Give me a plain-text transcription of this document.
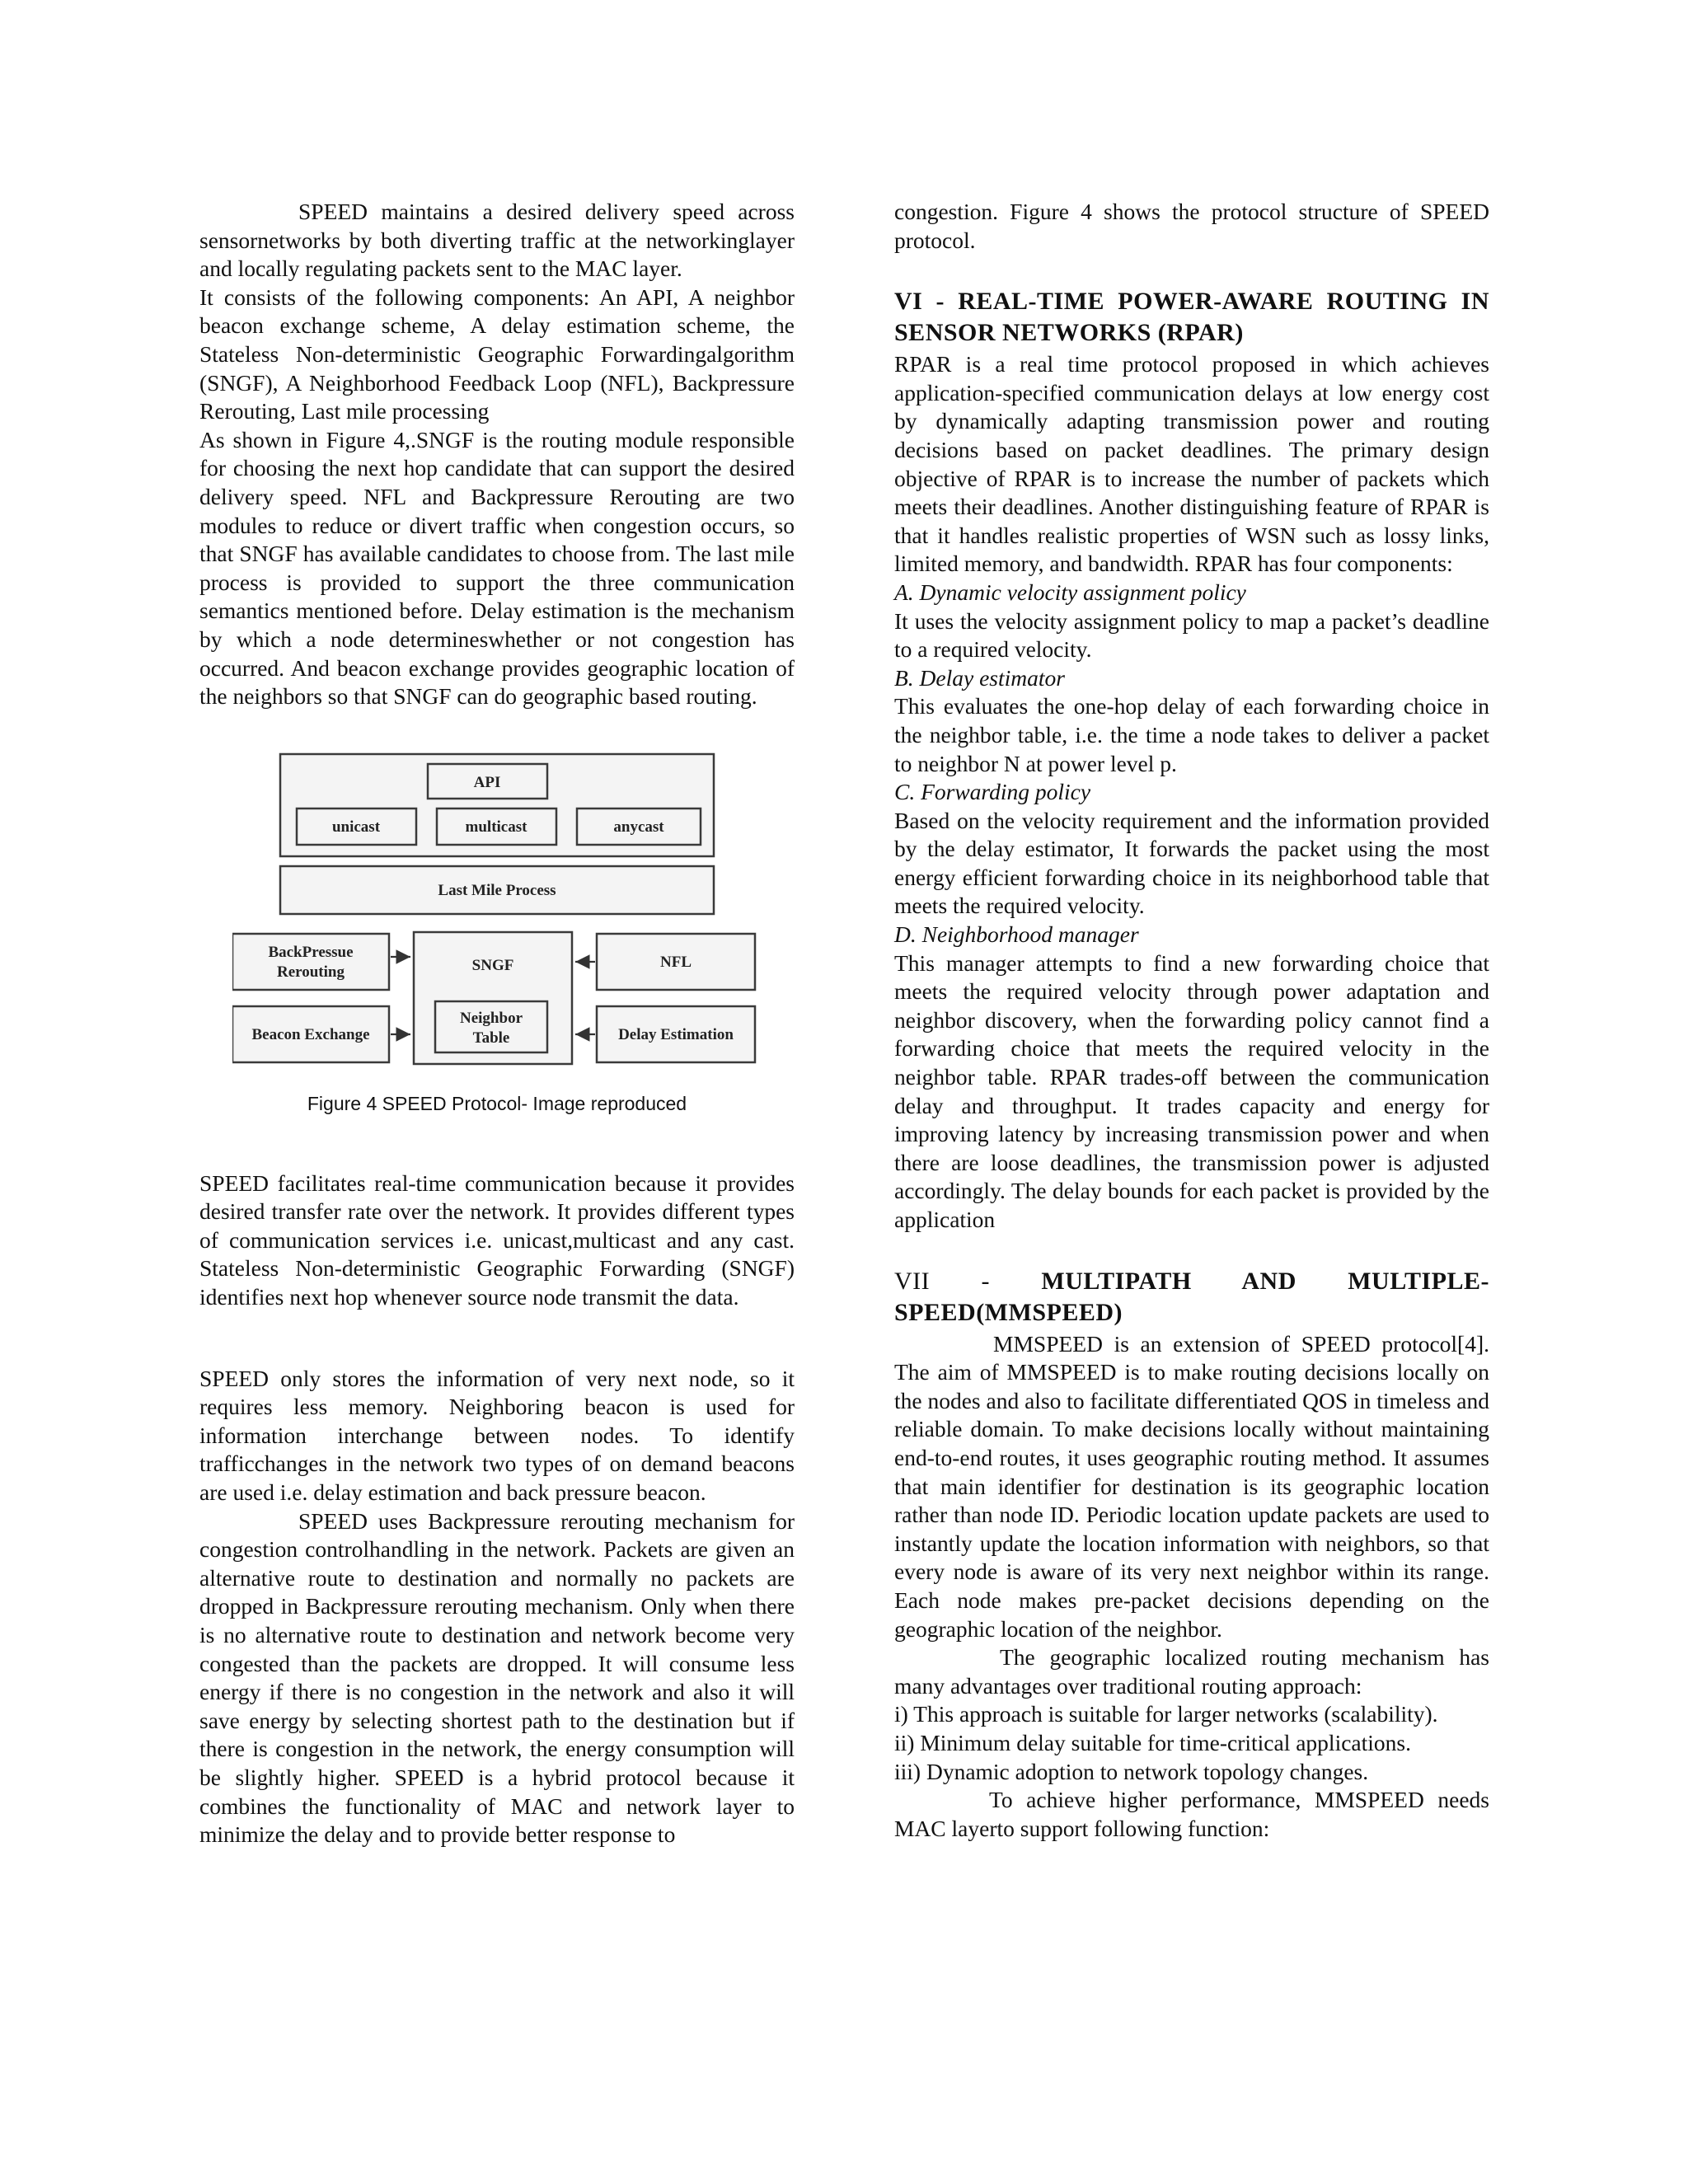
SPEED maintains a desired delivery speed across sensornetworks by both diverting traffic at the networkinglayer and locally regulating packets sent to the MAC layer.

It consists of the following components: An API, A neighbor beacon exchange scheme, A delay estimation scheme, the Stateless Non-deterministic Geographic Forwardingalgorithm (SNGF), A Neighborhood Feedback Loop (NFL), Backpressure Rerouting, Last mile processing

As shown in Figure 4,.SNGF is the routing module responsible for choosing the next hop candidate that can support the desired delivery speed. NFL and Backpressure Rerouting are two modules to reduce or divert traffic when congestion occurs, so that SNGF has available candidates to choose from. The last mile process is provided to support the three communication semantics mentioned before. Delay estimation is the mechanism by which a node determineswhether or not congestion has occurred. And beacon exchange provides geographic location of the neighbors so that SNGF can do geographic based routing.

API
unicast	multicast	anycast
Last Mile Process
BackPressue
Rerouting
Beacon Exchange
SNGF
Neighbor
Table
NFL
Delay Estimation
Figure 4 SPEED Protocol- Image reproduced

SPEED facilitates real-time communication because it provides desired transfer rate over the network. It provides different types of communication services i.e. unicast,multicast and any cast. Stateless Non-deterministic Geographic Forwarding (SNGF) identifies next hop whenever source node transmit the data.

SPEED only stores the information of very next node, so it requires less memory. Neighboring beacon is used for information interchange between nodes. To identify trafficchanges in the network two types of on demand beacons are used i.e. delay estimation and back pressure beacon.

SPEED uses Backpressure rerouting mechanism for congestion controlhandling in the network. Packets are given an alternative route to destination and normally no packets are dropped in Backpressure rerouting mechanism. Only when there is no alternative route to destination and network become very congested than the packets are dropped. It will consume less energy if there is no congestion in the network and also it will save energy by selecting shortest path to the destination but if there is congestion in the network, the energy consumption will be slightly higher. SPEED is a hybrid protocol because it combines the functionality of MAC and network layer to minimize the delay and to provide better response to

congestion. Figure 4 shows the protocol structure of SPEED protocol.

VI - REAL-TIME POWER-AWARE ROUTING IN SENSOR NETWORKS (RPAR)

RPAR is a real time protocol proposed in which achieves application-specified communication delays at low energy cost by dynamically adapting transmission power and routing decisions based on packet deadlines. The primary design objective of RPAR is to increase the number of packets which meets their deadlines. Another distinguishing feature of RPAR is that it handles realistic properties of WSN such as lossy links, limited memory, and bandwidth. RPAR has four components:

A. Dynamic velocity assignment policy

It uses the velocity assignment policy to map a packet’s deadline to a required velocity.

B. Delay estimator

This evaluates the one-hop delay of each forwarding choice in the neighbor table, i.e. the time a node takes to deliver a packet to neighbor N at power level p.

C. Forwarding policy

Based on the velocity requirement and the information provided by the delay estimator, It forwards the packet using the most energy efficient forwarding choice in its neighborhood table that meets the required velocity.

D. Neighborhood manager

This manager attempts to find a new forwarding choice that meets the required velocity through power adaptation and neighbor discovery, when the forwarding policy cannot find a forwarding choice that meets the required velocity in the neighbor table. RPAR trades-off between the communication delay and throughput. It trades capacity and energy for improving latency by increasing transmission power and when there are loose deadlines, the transmission power is adjusted accordingly. The delay bounds for each packet is provided by the application

VII - MULTIPATH AND MULTIPLE-SPEED(MMSPEED)

MMSPEED is an extension of SPEED protocol[4]. The aim of MMSPEED is to make routing decisions locally on the nodes and also to facilitate differentiated QOS in timeless and reliable domain. To make decisions locally without maintaining end-to-end routes, it uses geographic routing method. It assumes that main identifier for destination is its geographic location rather than node ID. Periodic location update packets are used to instantly update the location information with neighbors, so that every node is aware of its very next neighbor within its range. Each node makes pre-packet decisions depending on the geographic location of the neighbor.

The geographic localized routing mechanism has many advantages over traditional routing approach:

i) This approach is suitable for larger networks (scalability).

ii) Minimum delay suitable for time-critical applications.

iii) Dynamic adoption to network topology changes.

To achieve higher performance, MMSPEED needs MAC layerto support following function:
